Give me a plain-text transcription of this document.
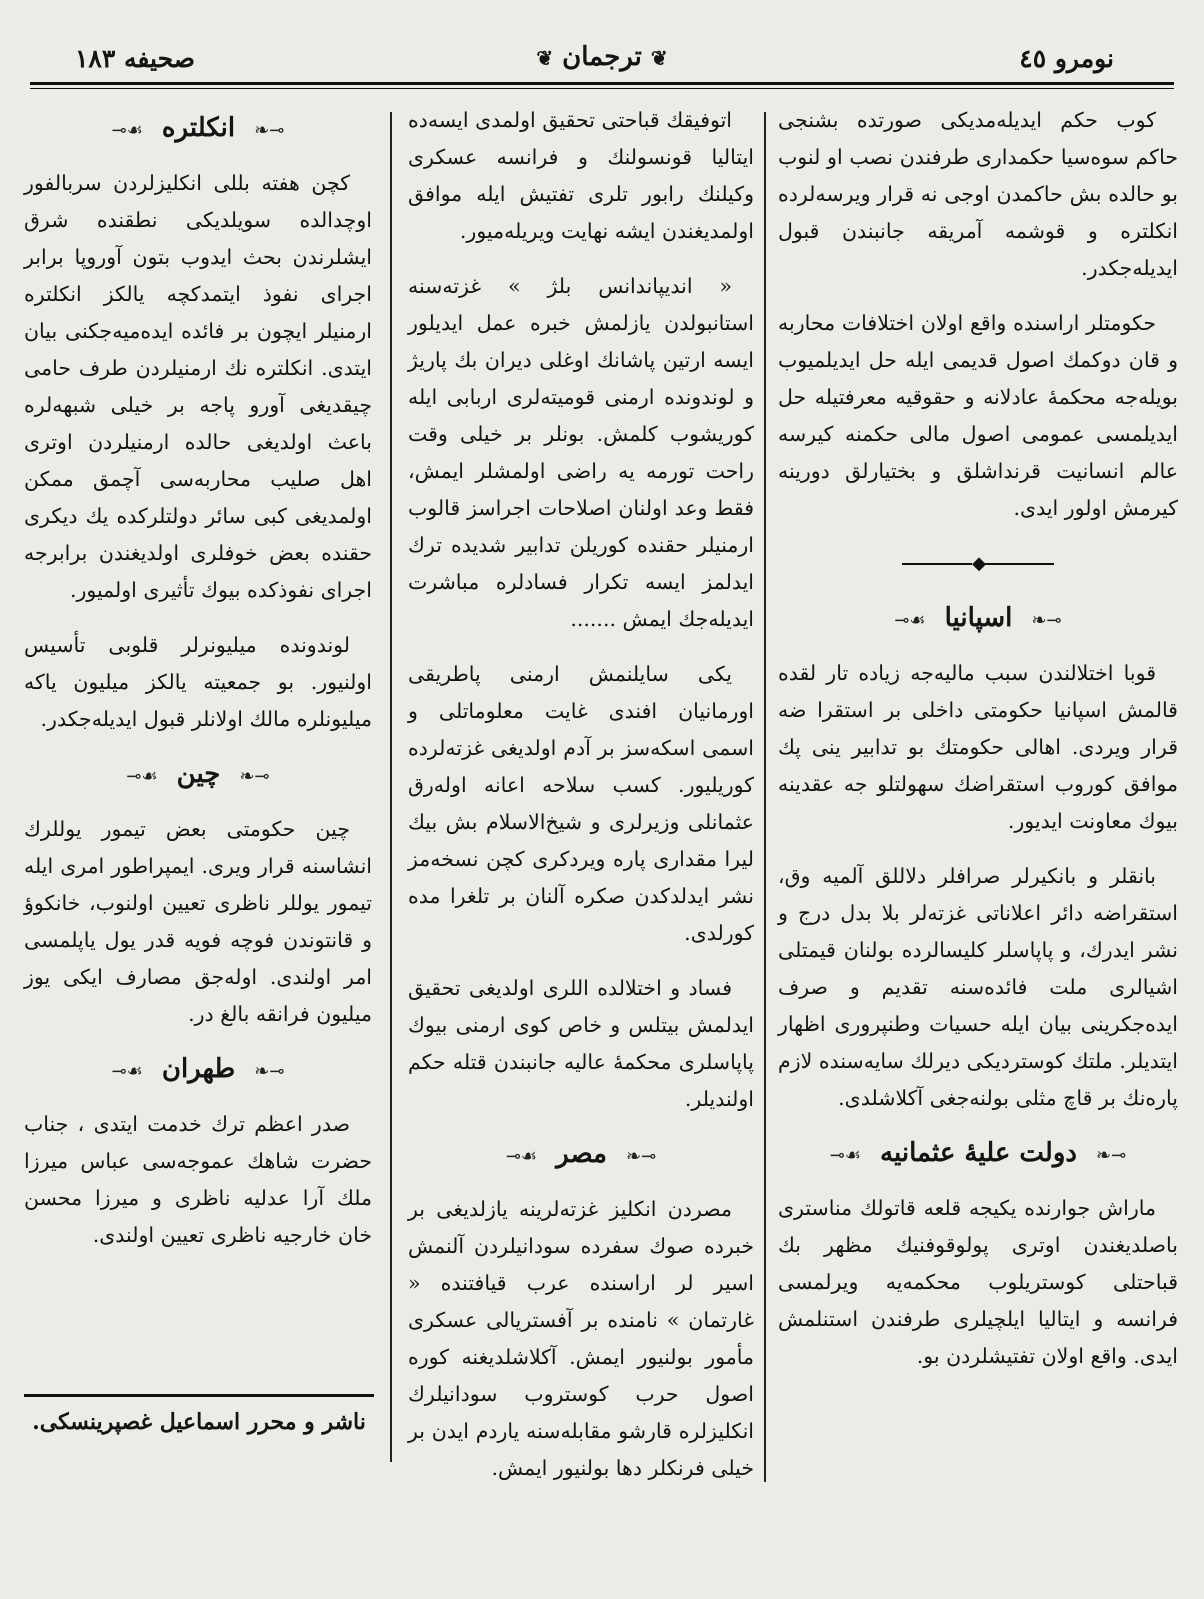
صحيفه ١٨٣	❦ ترجمان ❦	نومرو ٤٥

كوب حكم ايديله‌مديكى صورتده بشنجى حاكم سوه‌سيا حكمدارى طرفندن نصب او لنوب بو حالده بش حاكمدن اوجى نه قرار ويرسه‌لرده انكلتره و قوشمه آمريقه جانبندن قبول ايديله‌جكدر.

حكومتلر ارا‌سنده واقع اولان اختلافات محاربه و قان دوكمك اصول قديمى ايله حل ايديلميوب بويله‌جه محكمهٔ عادلانه و حقوقيه معرفتيله حل ايديلمسى عمومى اصول مالى حكمنه كيرسه عالم انسانيت قرنداشلق و بختيارلق دورينه كيرمش اولور ايدى.

◆
⊸❧ اسپانيا ☙⟜

قوبا اختلالندن سبب ماليه‌جه زياده تار لقده قالمش اسپانيا حكومتى داخلى بر استقرا ضه قرار ويردى. اهالى حكومتك بو تدابير ينى پك موافق كوروب استقراضك سهولتلو جه عقدينه بيوك معاونت ايديور.

بانقلر و بانكيرلر صرافلر دلاللق آلميه وق، استقراضه دائر اعلاناتى غزته‌لر بلا بدل درج و نشر ايدرك، و پاپاسلر كليسالرده بولنان قيمتلى اشيالرى ملت فائده‌سنه تقديم و صرف ايده‌جكرينى بيان ايله حسيات وطنپرورى اظهار ايتديلر. ملتك كوستر‌ديكى ديرلك سايه‌سنده لازم پاره‌نك بر قاچ مثلى بولنه‌جغى آكلاشلدى.

⊸❧ دولت عليهٔ عثمانيه ☙⟜

ماراش جوارنده يكيجه قلعه قاتولك مناسترى باصلديغندن اوترى پولوقوفنيك مظهر بك قباحتلى كوستريلوب محكمه‌يه ويرلمسى فرانسه و ايتاليا ايلچيلرى طرفندن استنلمش ايدى. واقع اولان تفتيشلردن بو.

اتوفيقك قباحتى تحقيق اولمدى ايسه‌ده ايتاليا قونسولنك و فرانسه عسكرى وكيلنك رابور تلرى تفتيش ايله موافق اولمديغندن ايشه نهايت ويريله‌ميور.

« انديپاندانس بلژ » غزته‌سنه استانبولدن يازلمش خبره عمل ايديلور ايسه ارتين پاشانك اوغلى ديران بك پاريژ و لوندونده ارمنى قوميته‌لرى اربابى ايله كوريشوب كلمش. بونلر بر خيلى وقت راحت تورمه يه راضى اولمشلر ايمش، فقط وعد اولنان اصلاحات اجراسز قالوب ارمنيلر حقنده كوريلن تدابير شديده ترك ايدلمز ايسه تكرار فسادلره مباشرت ايديله‌جك ايمش .......

يكى سايلنمش ارمنى پاطريقى اورمانيان افندى غايت معلوماتلى و اسمى اسكه‌سز بر آدم اولديغى غزته‌لرده كوريليور. كسب سلاحه اعانه اوله‌رق عثمانلى وزيرلرى و شيخ‌الاسلام بش بيك ليرا مقدارى پاره ويردكرى كچن نسخه‌مز نشر ايدلدكدن صكره آلنان بر تلغرا مده كورلدى.

فساد و اختلالده اللرى اولديغى تحقيق ايدلمش بيتلس و خاص كوى ارمنى بيوك پاپاسلرى محكمهٔ عاليه جانبندن قتله حكم اولنديلر.

⊸❧ مصر ☙⟜

مصردن انكليز غزته‌لرينه يازلديغى بر خبرده صوك سفرده سودانيلردن آلنمش اسير لر ارا‌سنده عرب قيافتنده « غارتمان » نامنده بر آفستريالى عسكرى مأمور بولنيور ايمش. آكلاشلديغنه كوره اصول حرب كوستروب سودانيلرك انكليزلره قارشو مقابله‌سنه ياردم ايدن بر خيلى فرنكلر دها بولنيور ايمش.

⊸❧ انكلتره ☙⟜

كچن هفته بللى انكليزلردن سربالفور اوچدالده سويلديكى نطقنده شرق ايشلرندن بحث ايدوب بتون آوروپا برابر اجراى نفوذ ايتمدكچه يالكز انكلتره ارمنيلر ايچون بر فائده ايده‌ميه‌جكنى بيان ايتدى. انكلتره نك ارمنيلردن طرف حامى چيقديغى آورو پاجه بر خيلى شبهه‌لره باعث اولديغى حالده ارمنيلردن اوترى اهل صليب محاربه‌سى آچمق ممكن اولمديغى كبى سائر دولتلركده يك ديكرى حقنده بعض خوفلرى اولديغندن برابرجه اجراى نفوذكده بيوك تأثيرى اولميور.

لوندونده ميليونرلر قلوبى تأسيس اولنيور. بو جمعيته يالكز ميليون ياكه ميليونلره مالك اولانلر قبول ايديله‌جكدر.

⊸❧ چين ☙⟜

چين حكومتى بعض تيمور يوللرك انشاسنه قرار ويرى. ايمپراطور امرى ايله تيمور يوللر ناظرى تعيين اولنوب، خانكوؤ و قانتوندن فوچه فويه قدر يول ياپلمسى امر اولندى. اوله‌جق مصارف ايكى يوز ميليون فرانقه بالغ در.

⊸❧ طهران ☙⟜

صدر اعظم ترك خدمت ايتدى ، جناب حضرت شاهك عموجه‌سى عباس ميرزا ملك آرا عدليه ناظرى و ميرزا محسن خان خارجيه ناظرى تعيين اولندى.

ناشر و محرر اسماعيل غصپرينسكى.
